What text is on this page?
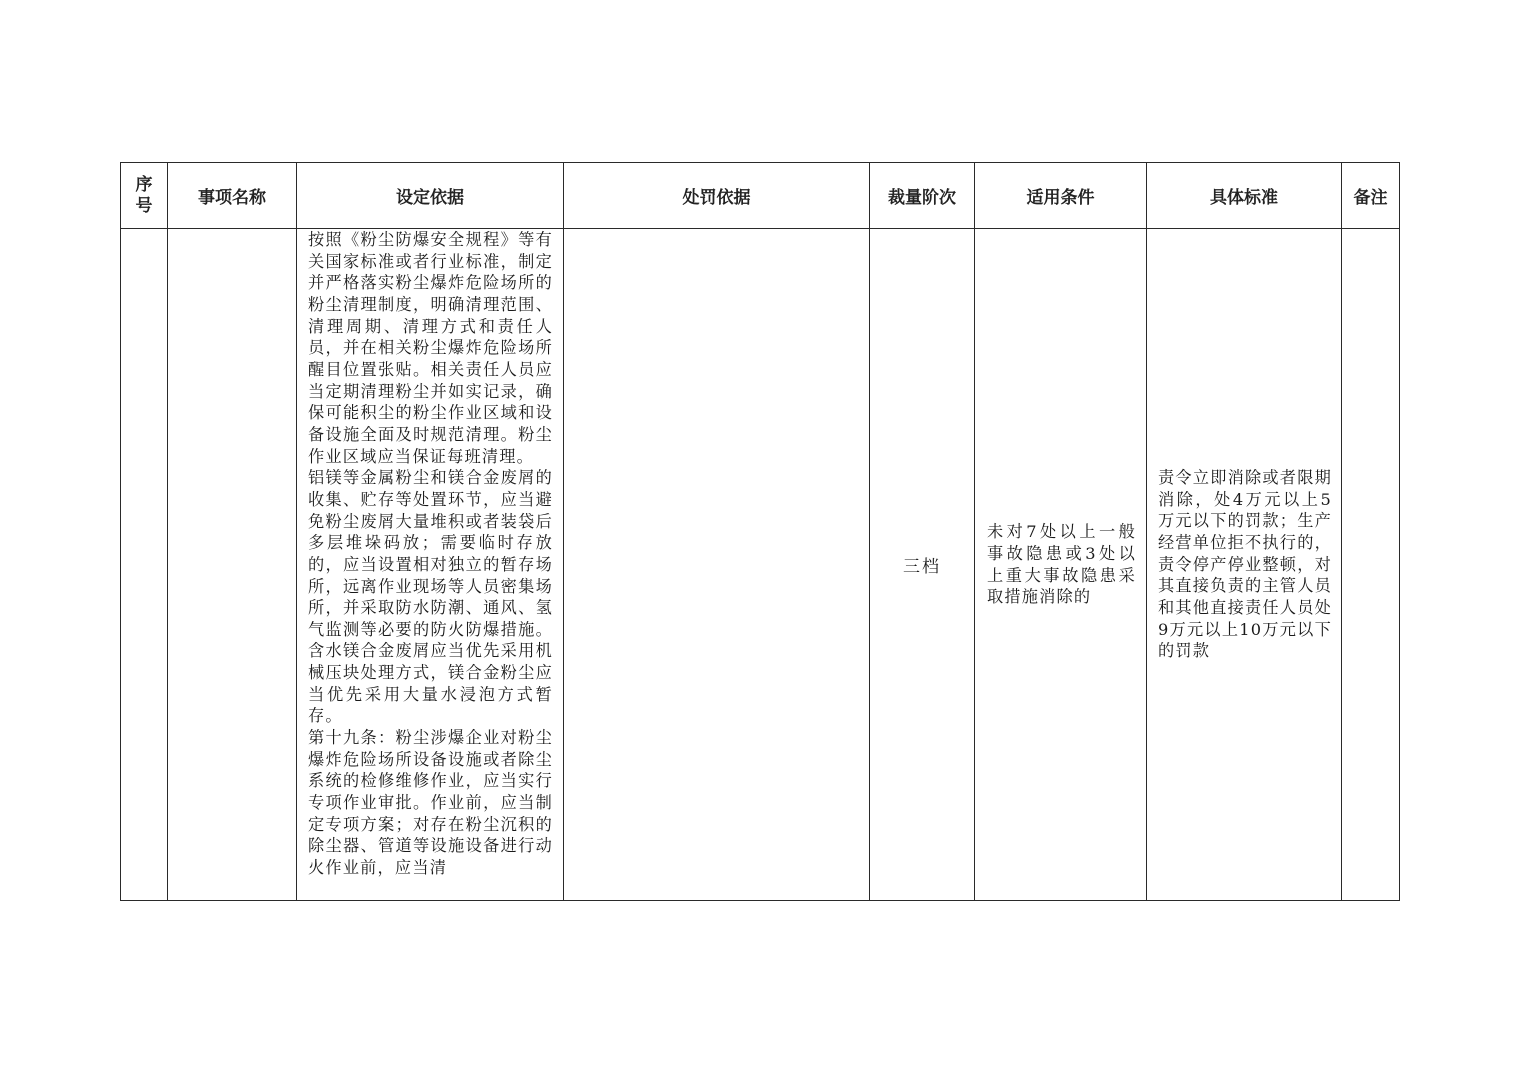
序
号	事项名称	设定依据	处罚依据	裁量阶次	适用条件	具体标准	备注

		按照《粉尘防爆安全规程》等有关国家标准或者行业标准，制定并严格落实粉尘爆炸危险场所的粉尘清理制度，明确清理范围、清理周期、清理方式和责任人员，并在相关粉尘爆炸危险场所醒目位置张贴。相关责任人员应当定期清理粉尘并如实记录，确保可能积尘的粉尘作业区域和设备设施全面及时规范清理。粉尘作业区域应当保证每班清理。
铝镁等金属粉尘和镁合金废屑的收集、贮存等处置环节，应当避免粉尘废屑大量堆积或者装袋后多层堆垛码放；需要临时存放的，应当设置相对独立的暂存场所，远离作业现场等人员密集场所，并采取防水防潮、通风、氢气监测等必要的防火防爆措施。含水镁合金废屑应当优先采用机械压块处理方式，镁合金粉尘应当优先采用大量水浸泡方式暂存。
第十九条：粉尘涉爆企业对粉尘爆炸危险场所设备设施或者除尘系统的检修维修作业，应当实行专项作业审批。作业前，应当制定专项方案；对存在粉尘沉积的除尘器、管道等设施设备进行动火作业前，应当清		三档	未对7处以上一般事故隐患或3处以上重大事故隐患采取措施消除的	责令立即消除或者限期消除，处4万元以上5万元以下的罚款；生产经营单位拒不执行的，责令停产停业整顿，对其直接负责的主管人员和其他直接责任人员处9万元以上10万元以下的罚款	
